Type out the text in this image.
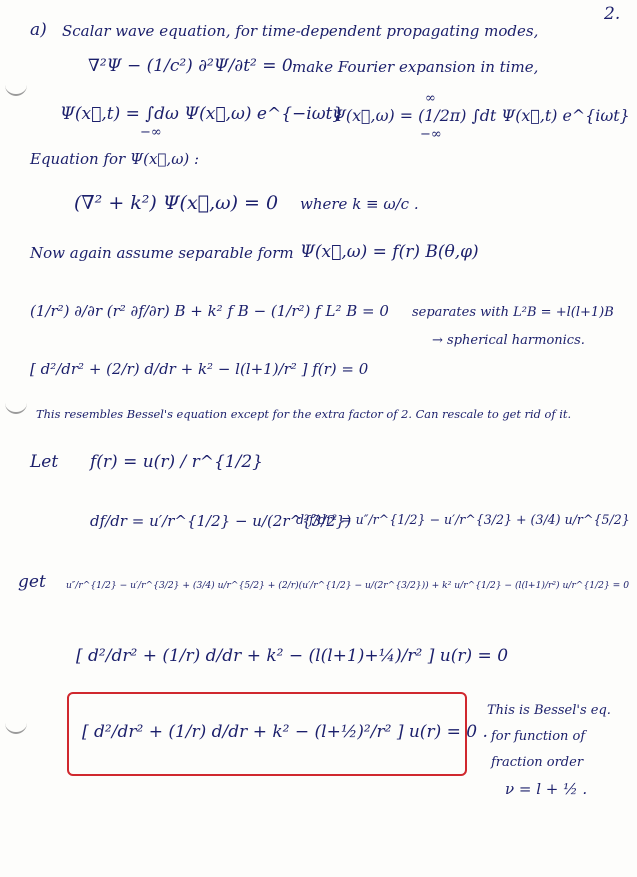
2.
a) Scalar wave equation, for time-dependent propagating modes,
∇²Ψ − (1/c²) ∂²Ψ/∂t² = 0 make Fourier expansion in time,
Ψ(x⃗,t) = ∫dω Ψ(x⃗,ω) e^{−iωt}
−∞
∞
Ψ(x⃗,ω) = (1/2π) ∫dt Ψ(x⃗,t) e^{iωt}
−∞
Equation for Ψ(x⃗,ω) :
(∇² + k²) Ψ(x⃗,ω) = 0 where k ≡ ω/c .
Now again assume separable form Ψ(x⃗,ω) = f(r) B(θ,φ)
(1/r²) ∂/∂r (r² ∂f/∂r) B + k² f B − (1/r²) f L² B = 0 separates with L²B = +l(l+1)B
→ spherical harmonics.
[ d²/dr² + (2/r) d/dr + k² − l(l+1)/r² ] f(r) = 0
This resembles Bessel's equation except for the extra factor of 2. Can rescale to get rid of it.
Let f(r) = u(r) / r^{1/2}
df/dr = u′/r^{1/2} − u/(2r^{3/2})
d²f/dr² = u″/r^{1/2} − u′/r^{3/2} + (3/4) u/r^{5/2}
get u″/r^{1/2} − u′/r^{3/2} + (3/4) u/r^{5/2} + (2/r)(u′/r^{1/2} − u/(2r^{3/2})) + k² u/r^{1/2} − (l(l+1)/r²) u/r^{1/2} = 0
[ d²/dr² + (1/r) d/dr + k² − (l(l+1)+¼)/r² ] u(r) = 0
[ d²/dr² + (1/r) d/dr + k² − (l+½)²/r² ] u(r) = 0 .
This is Bessel's eq.
for function of
fraction order
ν = l + ½ .
